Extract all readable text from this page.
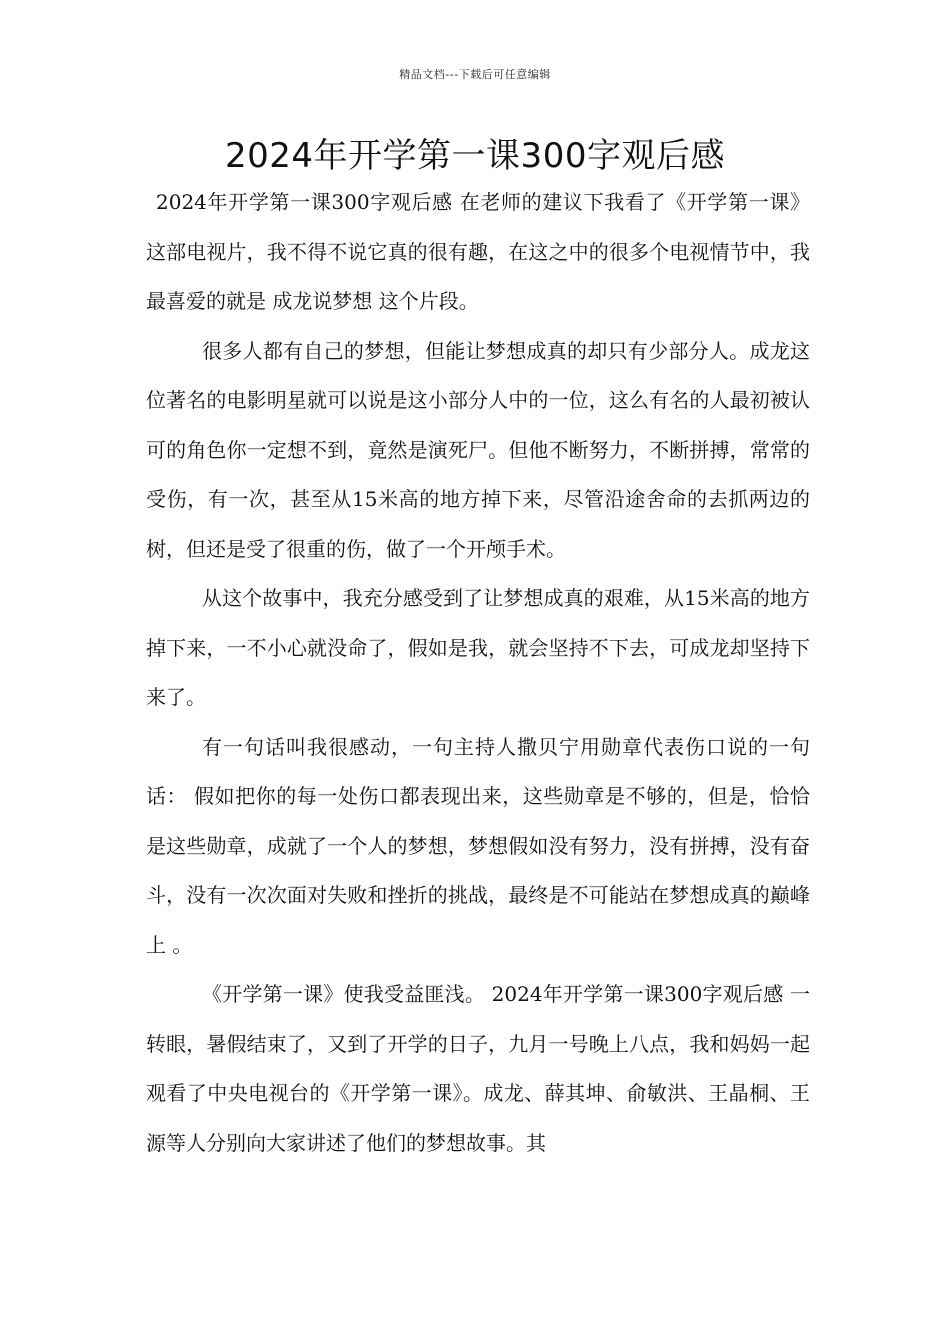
精品文档---下载后可任意编辑
2024年开学第一课300字观后感

2024年开学第一课300字观后感 在老师的建议下我看了《开学第一课》这部电视片，我不得不说它真的很有趣，在这之中的很多个电视情节中，我最喜爱的就是 成龙说梦想 这个片段。

很多人都有自己的梦想，但能让梦想成真的却只有少部分人。成龙这位著名的电影明星就可以说是这小部分人中的一位，这么有名的人最初被认可的角色你一定想不到，竟然是演死尸。但他不断努力，不断拼搏，常常的受伤，有一次，甚至从15米高的地方掉下来，尽管沿途舍命的去抓两边的树，但还是受了很重的伤，做了一个开颅手术。

从这个故事中，我充分感受到了让梦想成真的艰难，从15米高的地方掉下来，一不小心就没命了，假如是我，就会坚持不下去，可成龙却坚持下来了。

有一句话叫我很感动，一句主持人撒贝宁用勋章代表伤口说的一句话： 假如把你的每一处伤口都表现出来，这些勋章是不够的，但是，恰恰是这些勋章，成就了一个人的梦想，梦想假如没有努力，没有拼搏，没有奋斗，没有一次次面对失败和挫折的挑战，最终是不可能站在梦想成真的巅峰上 。

《开学第一课》使我受益匪浅。 2024年开学第一课300字观后感 一转眼，暑假结束了，又到了开学的日子，九月一号晚上八点，我和妈妈一起观看了中央电视台的《开学第一课》。成龙、薛其坤、俞敏洪、王晶桐、王源等人分别向大家讲述了他们的梦想故事。其
